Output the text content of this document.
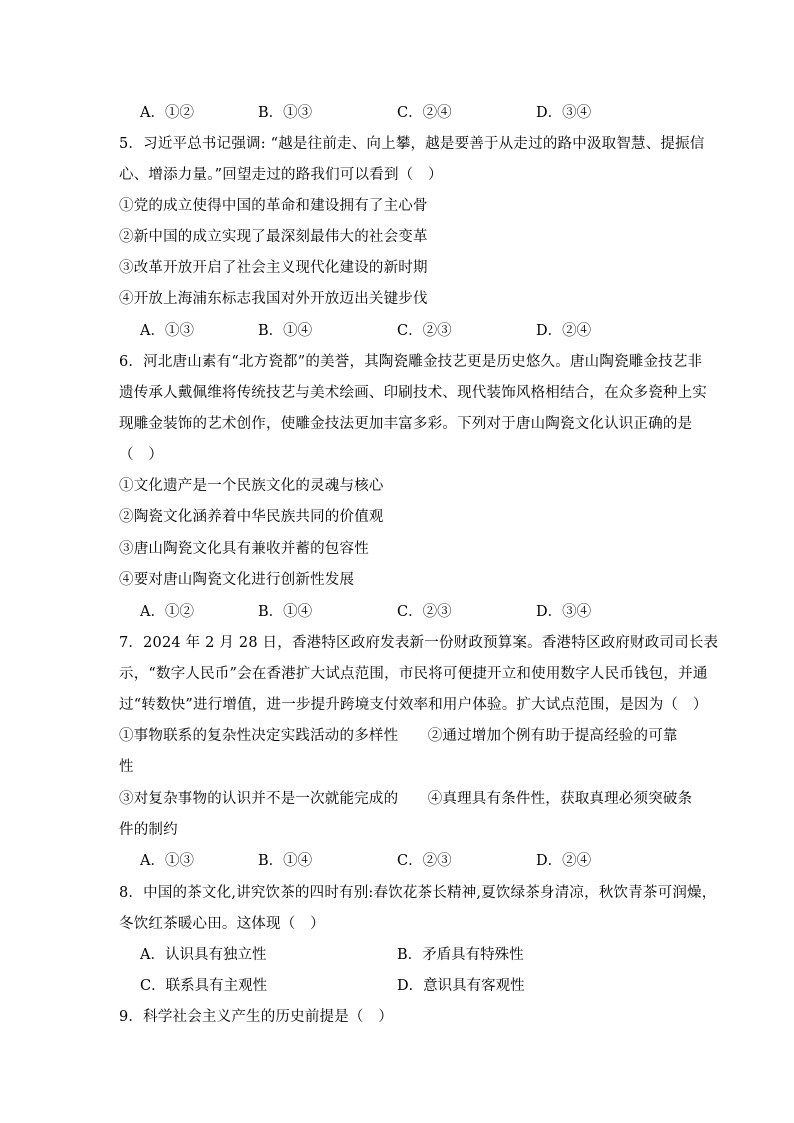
A．①②	B．①③	C．②④	D．③④
5．习近平总书记强调: “越是往前走、向上攀，越是要善于从走过的路中汲取智慧、提振信
心、增添力量。”回望走过的路我们可以看到（　）
①党的成立使得中国的革命和建设拥有了主心骨
②新中国的成立实现了最深刻最伟大的社会变革
③改革开放开启了社会主义现代化建设的新时期
④开放上海浦东标志我国对外开放迈出关键步伐
A．①③	B．①④	C．②③	D．②④
6．河北唐山素有“北方瓷都”的美誉，其陶瓷雕金技艺更是历史悠久。唐山陶瓷雕金技艺非
遗传承人戴佩维将传统技艺与美术绘画、印刷技术、现代装饰风格相结合，在众多瓷种上实
现雕金装饰的艺术创作，使雕金技法更加丰富多彩。下列对于唐山陶瓷文化认识正确的是
（　）
①文化遗产是一个民族文化的灵魂与核心
②陶瓷文化涵养着中华民族共同的价值观
③唐山陶瓷文化具有兼收并蓄的包容性
④要对唐山陶瓷文化进行创新性发展
A．①②	B．①④	C．②③	D．③④
7．2024 年 2 月 28 日，香港特区政府发表新一份财政预算案。香港特区政府财政司司长表
示，“数字人民币”会在香港扩大试点范围，市民将可便捷开立和使用数字人民币钱包，并通
过“转数快”进行增值，进一步提升跨境支付效率和用户体验。扩大试点范围，是因为（　）
①事物联系的复杂性决定实践活动的多样性　　②通过增加个例有助于提高经验的可靠
性
③对复杂事物的认识并不是一次就能完成的　　④真理具有条件性，获取真理必须突破条
件的制约
A．①③	B．①④	C．②③	D．②④
8．中国的茶文化,讲究饮茶的四时有别:春饮花茶长精神,夏饮绿茶身清凉，秋饮青茶可润燥，
冬饮红茶暖心田。这体现（　）
A．认识具有独立性	B．矛盾具有特殊性
C．联系具有主观性	D．意识具有客观性
9．科学社会主义产生的历史前提是（　）
